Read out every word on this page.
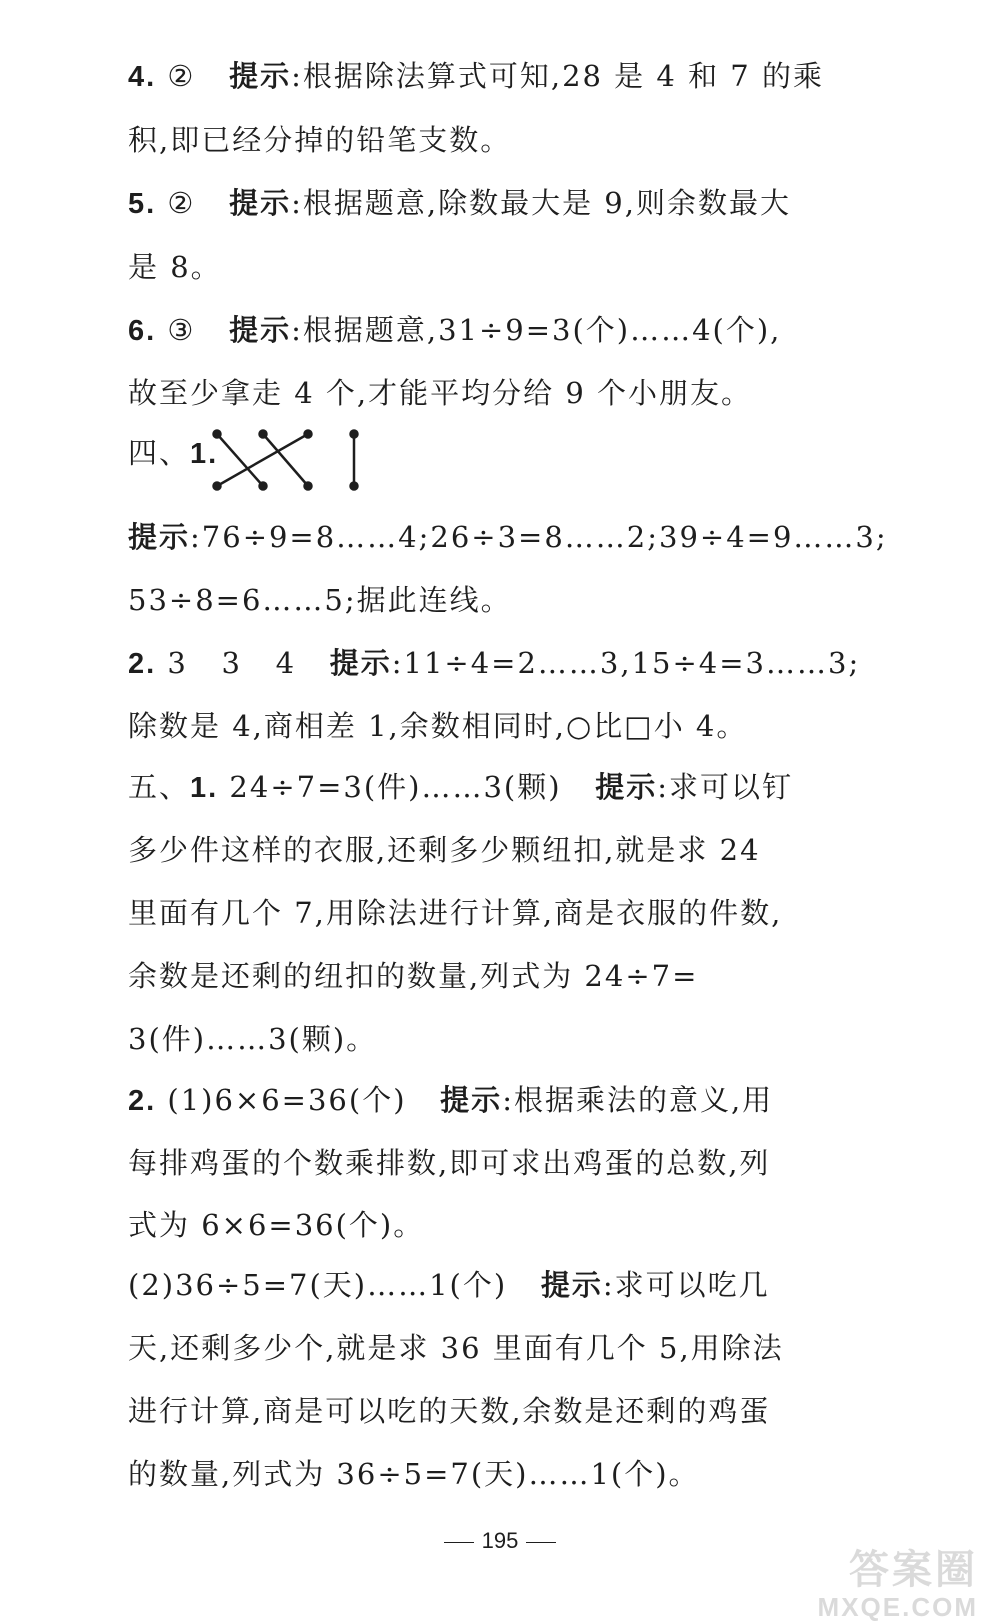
4. ②   提示:根据除法算式可知,28 是 4 和 7 的乘
积,即已经分掉的铅笔支数。
5. ②   提示:根据题意,除数最大是 9,则余数最大
是 8。
6. ③   提示:根据题意,31÷9=3(个)……4(个),
故至少拿走 4 个,才能平均分给 9 个小朋友。
四、1.
提示:76÷9=8……4;26÷3=8……2;39÷4=9……3;
53÷8=6……5;据此连线。
2. 3   3   4   提示:11÷4=2……3,15÷4=3……3;
除数是 4,商相差 1,余数相同时,○比□小 4。
五、1. 24÷7=3(件)……3(颗)   提示:求可以钉
多少件这样的衣服,还剩多少颗纽扣,就是求 24
里面有几个 7,用除法进行计算,商是衣服的件数,
余数是还剩的纽扣的数量,列式为 24÷7=
3(件)……3(颗)。
2. (1)6×6=36(个)   提示:根据乘法的意义,用
每排鸡蛋的个数乘排数,即可求出鸡蛋的总数,列
式为 6×6=36(个)。
(2)36÷5=7(天)……1(个)   提示:求可以吃几
天,还剩多少个,就是求 36 里面有几个 5,用除法
进行计算,商是可以吃的天数,余数是还剩的鸡蛋
的数量,列式为 36÷5=7(天)……1(个)。
195
答案圈
MXQE.COM
